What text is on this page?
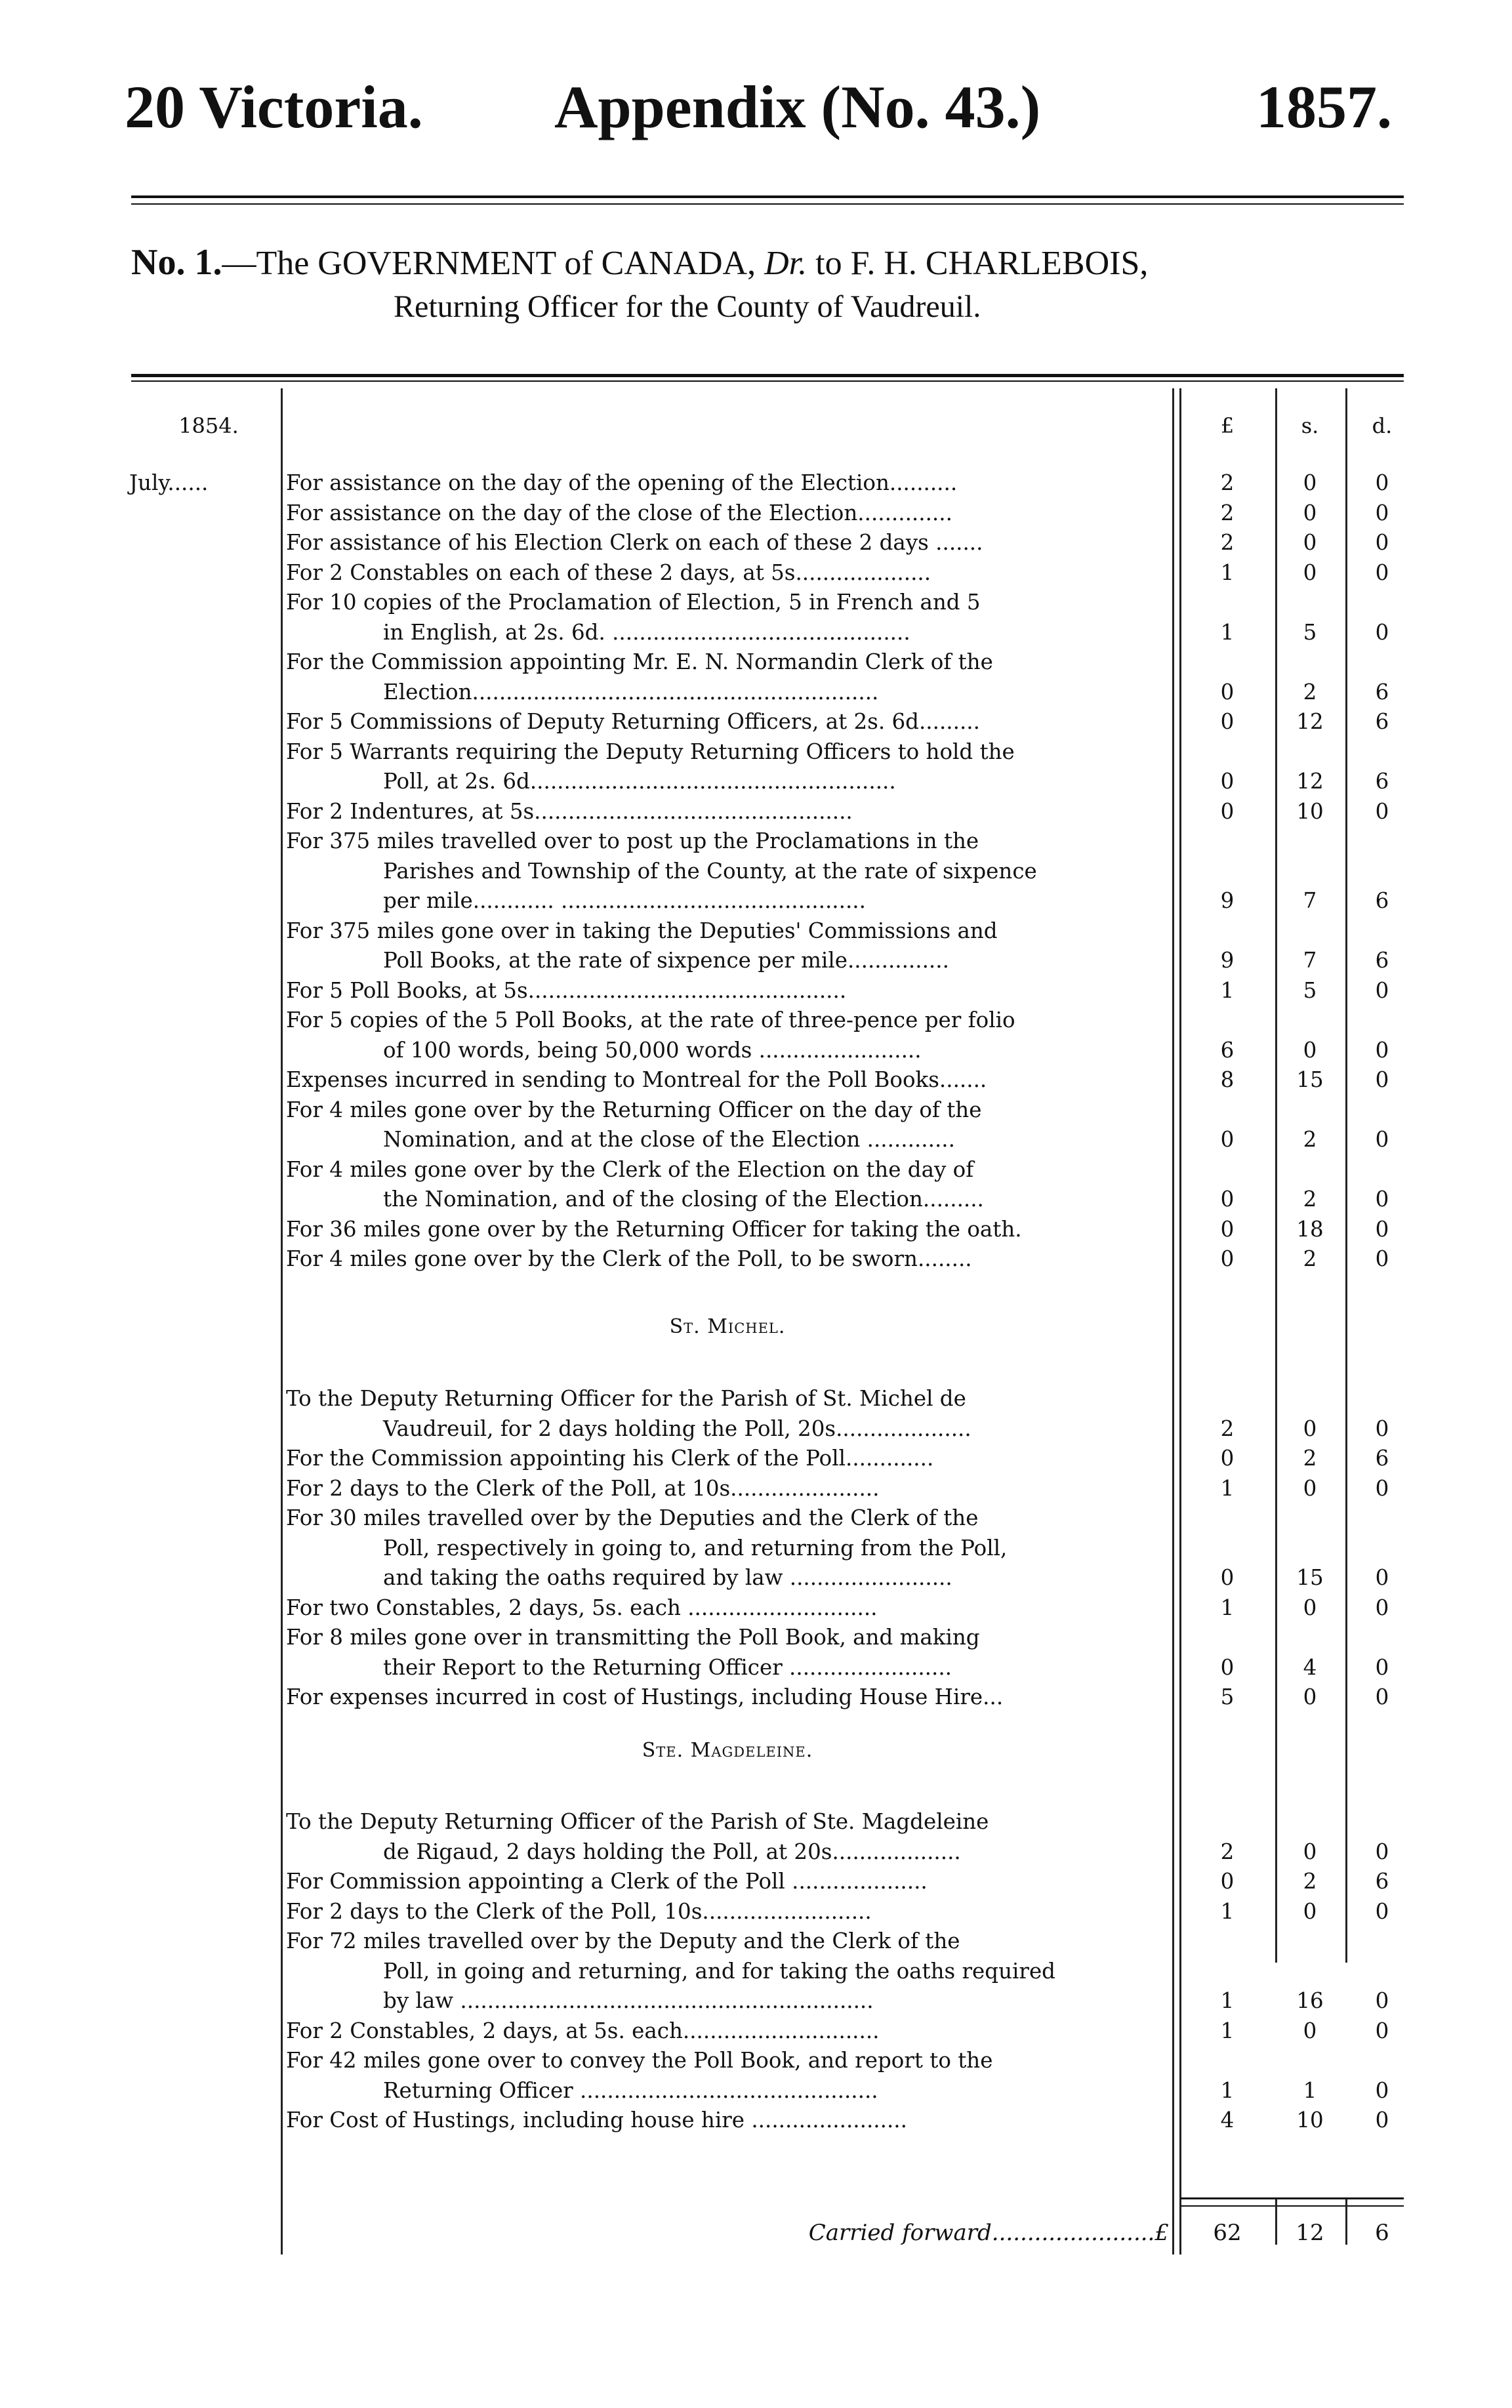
20 Victoria. Appendix (No. 43.)	1857.
No. 1.—The GOVERNMENT of CANADA, Dr. to F. H. CHARLEBOIS,
Returning Officer for the County of Vaudreuil.
1854.	£	s.	d.
July......	For assistance on the day of the opening of the Election..........	2	0	0
For assistance on the day of the close of the Election..............	2	0	0
For assistance of his Election Clerk on each of these 2 days .......	2	0	0
For 2 Constables on each of these 2 days, at 5s....................	1	0	0
For 10 copies of the Proclamation of Election, 5 in French and 5
in English, at 2s. 6d. ............................................	1	5	0
For the Commission appointing Mr. E. N. Normandin Clerk of the
Election............................................................	0	2	6
For 5 Commissions of Deputy Returning Officers, at 2s. 6d.........	0	12	6
For 5 Warrants requiring the Deputy Returning Officers to hold the
Poll, at 2s. 6d......................................................	0	12	6
For 2 Indentures, at 5s...............................................	0	10	0
For 375 miles travelled over to post up the Proclamations in the
Parishes and Township of the County, at the rate of sixpence
per mile............ .............................................	9	7	6
For 375 miles gone over in taking the Deputies' Commissions and
Poll Books, at the rate of sixpence per mile...............	9	7	6
For 5 Poll Books, at 5s...............................................	1	5	0
For 5 copies of the 5 Poll Books, at the rate of three-pence per folio
of 100 words, being 50,000 words ........................	6	0	0
Expenses incurred in sending to Montreal for the Poll Books.......	8	15	0
For 4 miles gone over by the Returning Officer on the day of the
Nomination, and at the close of the Election .............	0	2	0
For 4 miles gone over by the Clerk of the Election on the day of
the Nomination, and of the closing of the Election.........	0	2	0
For 36 miles gone over by the Returning Officer for taking the oath.	0	18	0
For 4 miles gone over by the Clerk of the Poll, to be sworn........	0	2	0
St. Michel.
To the Deputy Returning Officer for the Parish of St. Michel de
Vaudreuil, for 2 days holding the Poll, 20s....................	2	0	0
For the Commission appointing his Clerk of the Poll.............	0	2	6
For 2 days to the Clerk of the Poll, at 10s......................	1	0	0
For 30 miles travelled over by the Deputies and the Clerk of the
Poll, respectively in going to, and returning from the Poll,
and taking the oaths required by law ........................	0	15	0
For two Constables, 2 days, 5s. each ............................	1	0	0
For 8 miles gone over in transmitting the Poll Book, and making
their Report to the Returning Officer ........................	0	4	0
For expenses incurred in cost of Hustings, including House Hire...	5	0	0
Ste. Magdeleine.
To the Deputy Returning Officer of the Parish of Ste. Magdeleine
de Rigaud, 2 days holding the Poll, at 20s...................	2	0	0
For Commission appointing a Clerk of the Poll ....................	0	2	6
For 2 days to the Clerk of the Poll, 10s.........................	1	0	0
For 72 miles travelled over by the Deputy and the Clerk of the
Poll, in going and returning, and for taking the oaths required
by law .............................................................	1	16	0
For 2 Constables, 2 days, at 5s. each.............................	1	0	0
For 42 miles gone over to convey the Poll Book, and report to the
Returning Officer ............................................	1	1	0
For Cost of Hustings, including house hire .......................	4	10	0
Carried forward.......................£	62	12	6
